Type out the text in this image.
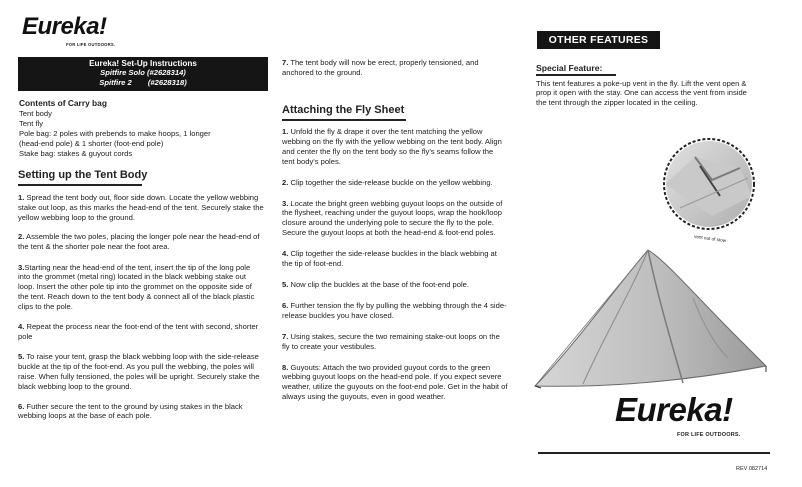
Eureka!
FOR LIFE OUTDOORS.
Eureka! Set-Up Instructions
Spitfire Solo (#2628314)
Spitfire 2 (#2628318)
Contents of Carry bag
Tent body
Tent fly
Pole bag: 2 poles with prebends to make hoops, 1 longer
(head-end pole) & 1 shorter (foot-end pole)
Stake bag: stakes & guyout cords
Setting up the Tent Body

1. Spread the tent body out, floor side down. Locate the yellow webbing stake out loop, as this marks the head-end of the tent. Securely stake the yellow webbing loop to the ground.

2. Assemble the two poles, placing the longer pole near the head-end of the tent & the shorter pole near the foot area.

3.Starting near the head-end of the tent, insert the tip of the long pole into the grommet (metal ring) located in the black webbing stake out loop. Insert the other pole tip into the grommet on the opposite side of the tent. Reach down to the tent body & connect all of the black plastic clips to the pole.

4. Repeat the process near the foot-end of the tent with second, shorter pole

5. To raise your tent, grasp the black webbing loop with the side-release buckle at the tip of the foot-end. As you pull the webbing, the poles will raise. When fully tensioned, the poles will be upright. Securely stake the black webbing loop to the ground.

6. Futher secure the tent to the ground by using stakes in the black webbing loops at the base of each pole.

7. The tent body will now be erect, properly tensioned, and anchored to the ground.

Attaching the Fly Sheet

1. Unfold the fly & drape it over the tent matching the yellow webbing on the fly with the yellow webbing on the tent body. Align and center the fly on the tent body so the fly's seams follow the tent body's poles.

2. Clip together the side-release buckle on the yellow webbing.

3. Locate the bright green webbing guyout loops on the outside of the flysheet, reaching under the guyout loops, wrap the hook/loop closure around the underlying pole to secure the fly to the pole. Secure the guyout loops at both the head-end & foot-end poles.

4. Clip together the side-release buckles in the black webbing at the tip of foot-end.

5. Now clip the buckles at the base of the foot-end pole.

6. Further tension the fly by pulling the webbing through the 4 side-release buckles you have closed.

7. Using stakes, secure the two remaining stake-out loops on the fly to create your vestibules.

8. Guyouts: Attach the two provided guyout cords to the green webbing guyout loops on the head-end pole. If you expect severe weather, utilize the guyouts on the foot-end pole. Get in the habit of always using the guyouts, even in good weather.

OTHER FEATURES
Special Feature:

This tent features a poke-up vent in the fly. Lift the vent open & prop it open with the stay. One can access the vent from inside the tent through the zipper located in the ceiling.

vent out of stow
Eureka!
FOR LIFE OUTDOORS.
REV 082714
